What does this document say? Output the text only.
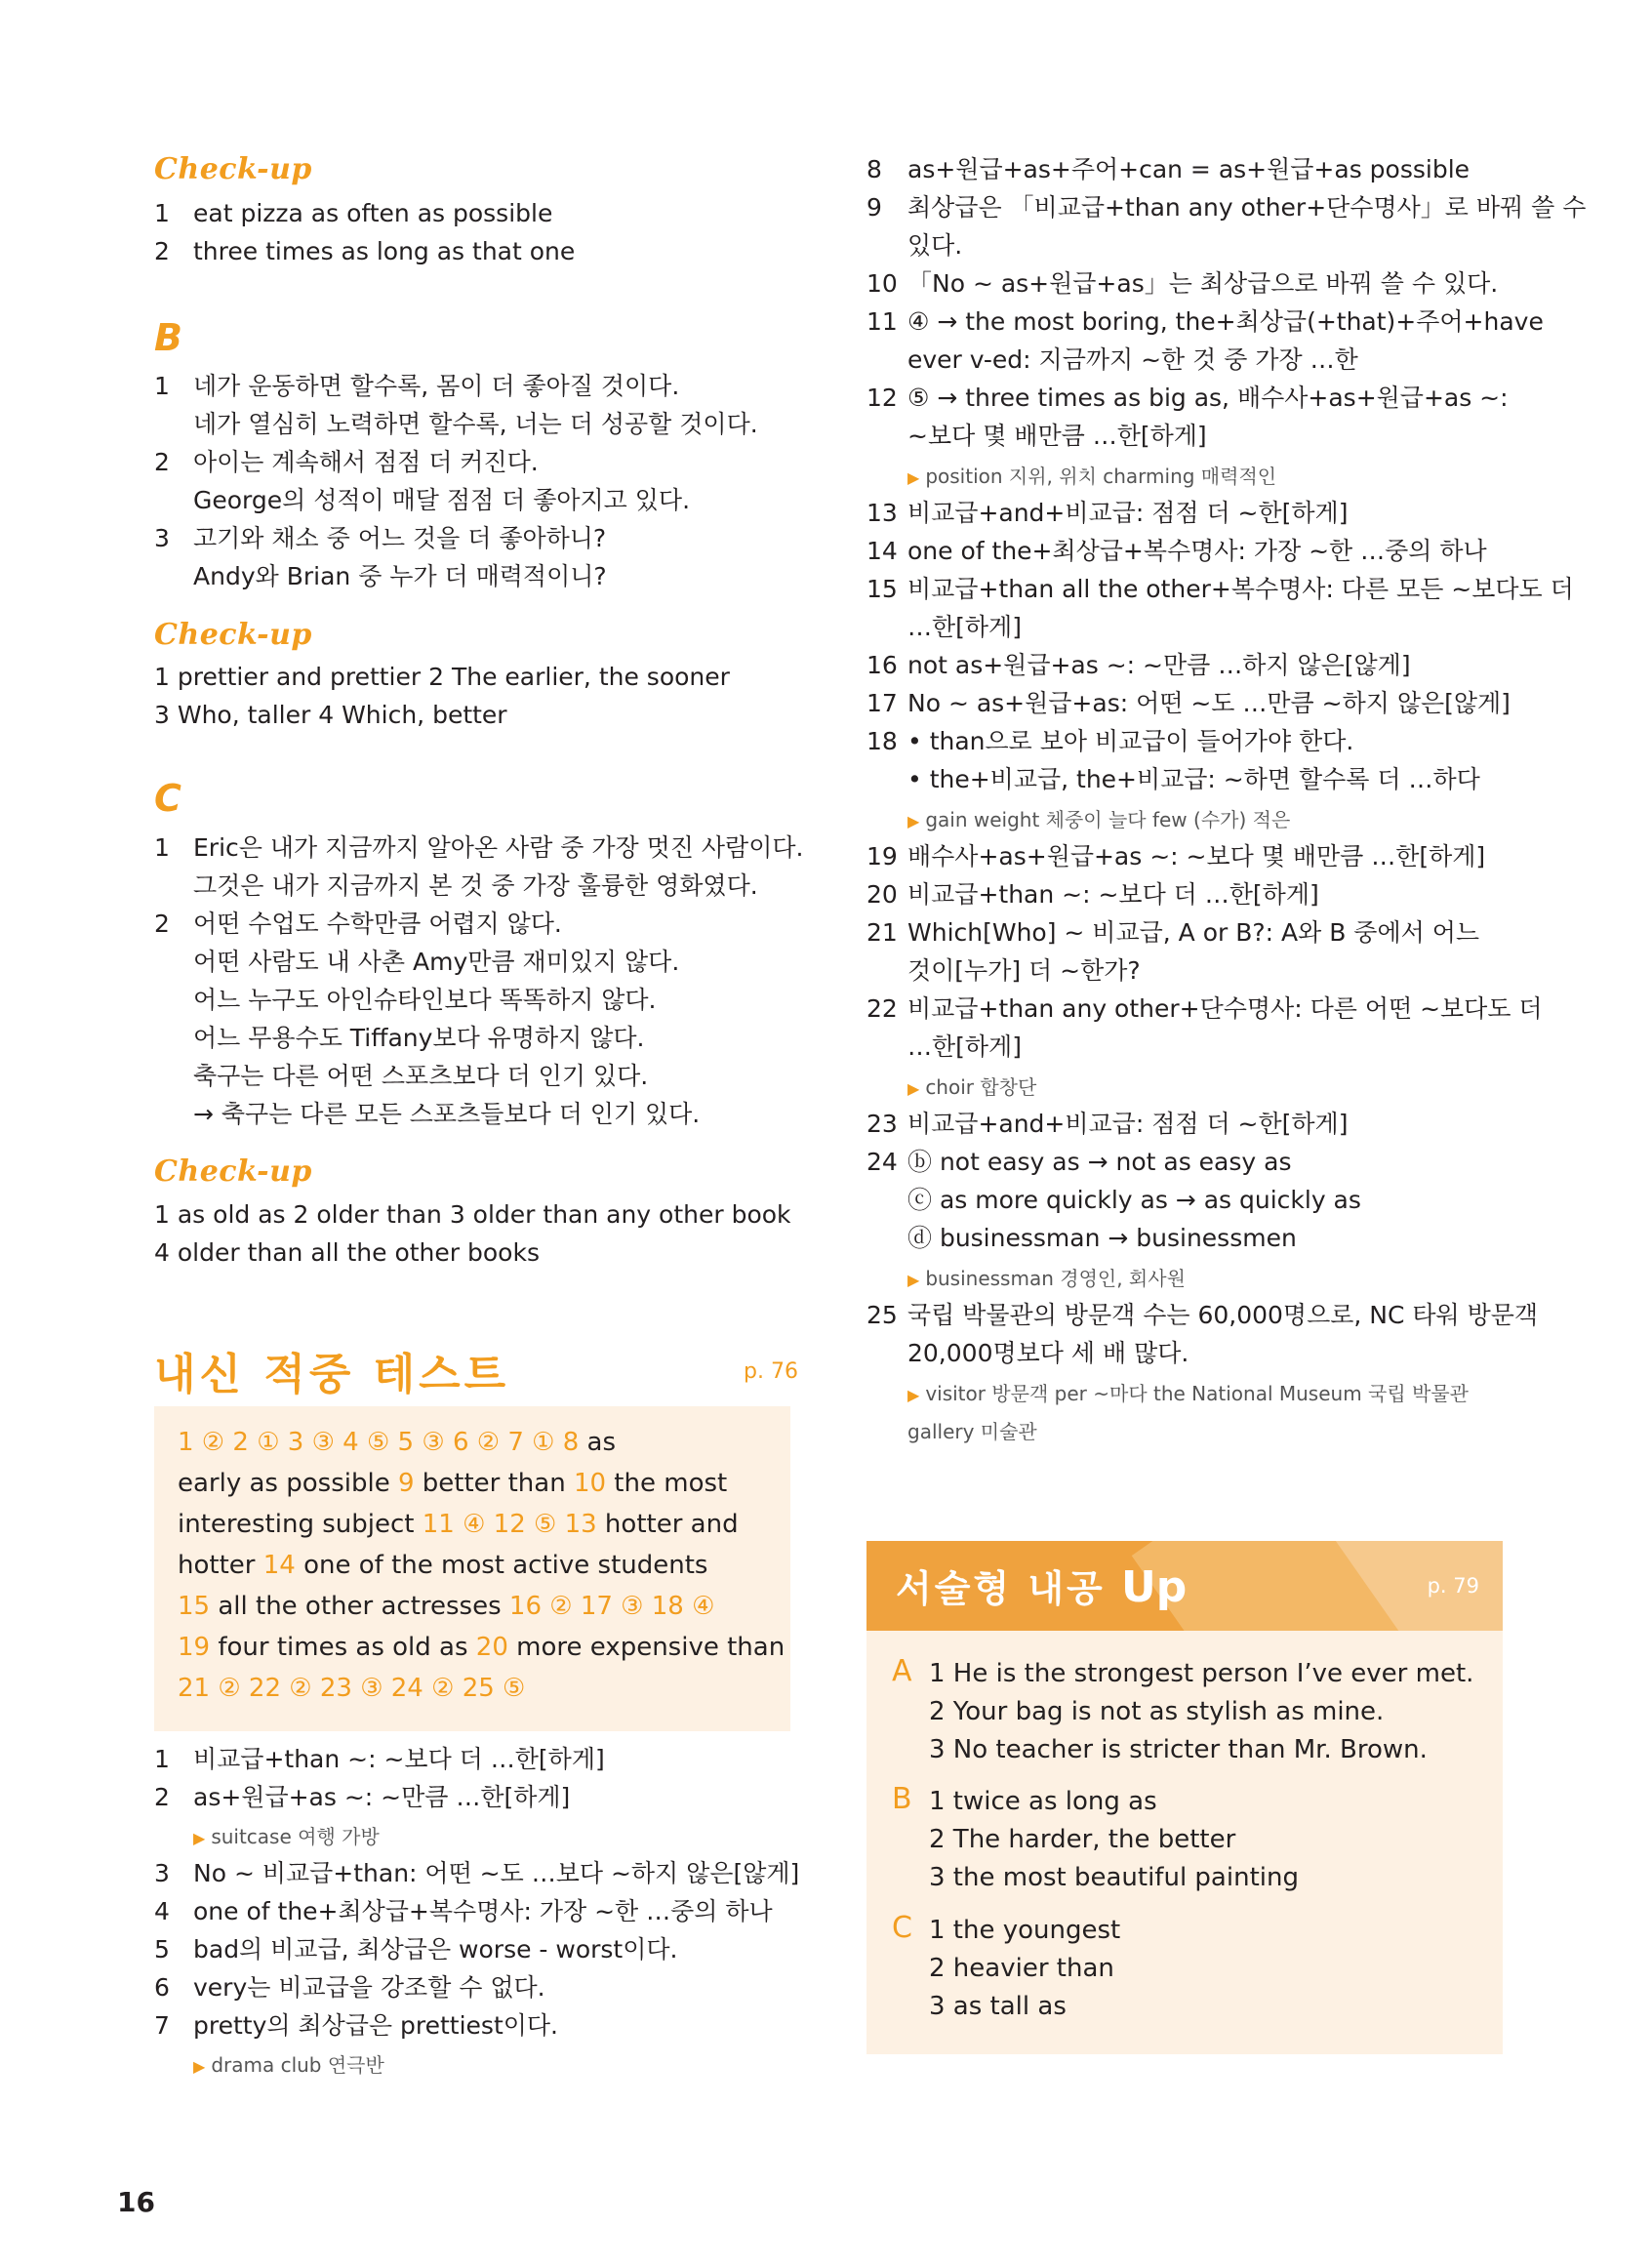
Check-up
1 eat pizza as often as possible
2 three times as long as that one
B
1 네가 운동하면 할수록, 몸이 더 좋아질 것이다.
네가 열심히 노력하면 할수록, 너는 더 성공할 것이다.
2 아이는 계속해서 점점 더 커진다.
George의 성적이 매달 점점 더 좋아지고 있다.
3 고기와 채소 중 어느 것을 더 좋아하니?
Andy와 Brian 중 누가 더 매력적이니?
Check-up
1 prettier and prettier 2 The earlier, the sooner
3 Who, taller 4 Which, better
C
1 Eric은 내가 지금까지 알아온 사람 중 가장 멋진 사람이다.
그것은 내가 지금까지 본 것 중 가장 훌륭한 영화였다.
2 어떤 수업도 수학만큼 어렵지 않다.
어떤 사람도 내 사촌 Amy만큼 재미있지 않다.
어느 누구도 아인슈타인보다 똑똑하지 않다.
어느 무용수도 Tiffany보다 유명하지 않다.
축구는 다른 어떤 스포츠보다 더 인기 있다.
→ 축구는 다른 모든 스포츠들보다 더 인기 있다.
Check-up
1 as old as 2 older than 3 older than any other book
4 older than all the other books
내신 적중 테스트	p. 76
1 ② 2 ① 3 ③ 4 ⑤ 5 ③ 6 ② 7 ① 8 as
early as possible 9 better than 10 the most
interesting subject 11 ④ 12 ⑤ 13 hotter and
hotter 14 one of the most active students
15 all the other actresses 16 ② 17 ③ 18 ④
19 four times as old as 20 more expensive than
21 ② 22 ② 23 ③ 24 ② 25 ⑤
1 비교급+than ~: ~보다 더 …한[하게]
2 as+원급+as ~: ~만큼 …한[하게]
▶ suitcase 여행 가방
3 No ~ 비교급+than: 어떤 ~도 …보다 ~하지 않은[않게]
4 one of the+최상급+복수명사: 가장 ~한 …중의 하나
5 bad의 비교급, 최상급은 worse - worst이다.
6 very는 비교급을 강조할 수 없다.
7 pretty의 최상급은 prettiest이다.
▶ drama club 연극반
8 as+원급+as+주어+can = as+원급+as possible
9 최상급은 「비교급+than any other+단수명사」로 바꿔 쓸 수
있다.
10 「No ~ as+원급+as」는 최상급으로 바꿔 쓸 수 있다.
11 ④ → the most boring, the+최상급(+that)+주어+have
ever v-ed: 지금까지 ~한 것 중 가장 …한
12 ⑤ → three times as big as, 배수사+as+원급+as ~:
~보다 몇 배만큼 …한[하게]
▶ position 지위, 위치 charming 매력적인
13 비교급+and+비교급: 점점 더 ~한[하게]
14 one of the+최상급+복수명사: 가장 ~한 …중의 하나
15 비교급+than all the other+복수명사: 다른 모든 ~보다도 더
…한[하게]
16 not as+원급+as ~: ~만큼 …하지 않은[않게]
17 No ~ as+원급+as: 어떤 ~도 …만큼 ~하지 않은[않게]
18 • than으로 보아 비교급이 들어가야 한다.
• the+비교급, the+비교급: ~하면 할수록 더 …하다
▶ gain weight 체중이 늘다 few (수가) 적은
19 배수사+as+원급+as ~: ~보다 몇 배만큼 …한[하게]
20 비교급+than ~: ~보다 더 …한[하게]
21 Which[Who] ~ 비교급, A or B?: A와 B 중에서 어느
것이[누가] 더 ~한가?
22 비교급+than any other+단수명사: 다른 어떤 ~보다도 더
…한[하게]
▶ choir 합창단
23 비교급+and+비교급: 점점 더 ~한[하게]
24 ⓑ not easy as → not as easy as
ⓒ as more quickly as → as quickly as
ⓓ businessman → businessmen
▶ businessman 경영인, 회사원
25 국립 박물관의 방문객 수는 60,000명으로, NC 타워 방문객
20,000명보다 세 배 많다.
▶ visitor 방문객 per ~마다 the National Museum 국립 박물관
gallery 미술관
서술형 내공 Up	p. 79
A 1 He is the strongest person I’ve ever met.
2 Your bag is not as stylish as mine.
3 No teacher is stricter than Mr. Brown.
B 1 twice as long as
2 The harder, the better
3 the most beautiful painting
C 1 the youngest
2 heavier than
3 as tall as
16
